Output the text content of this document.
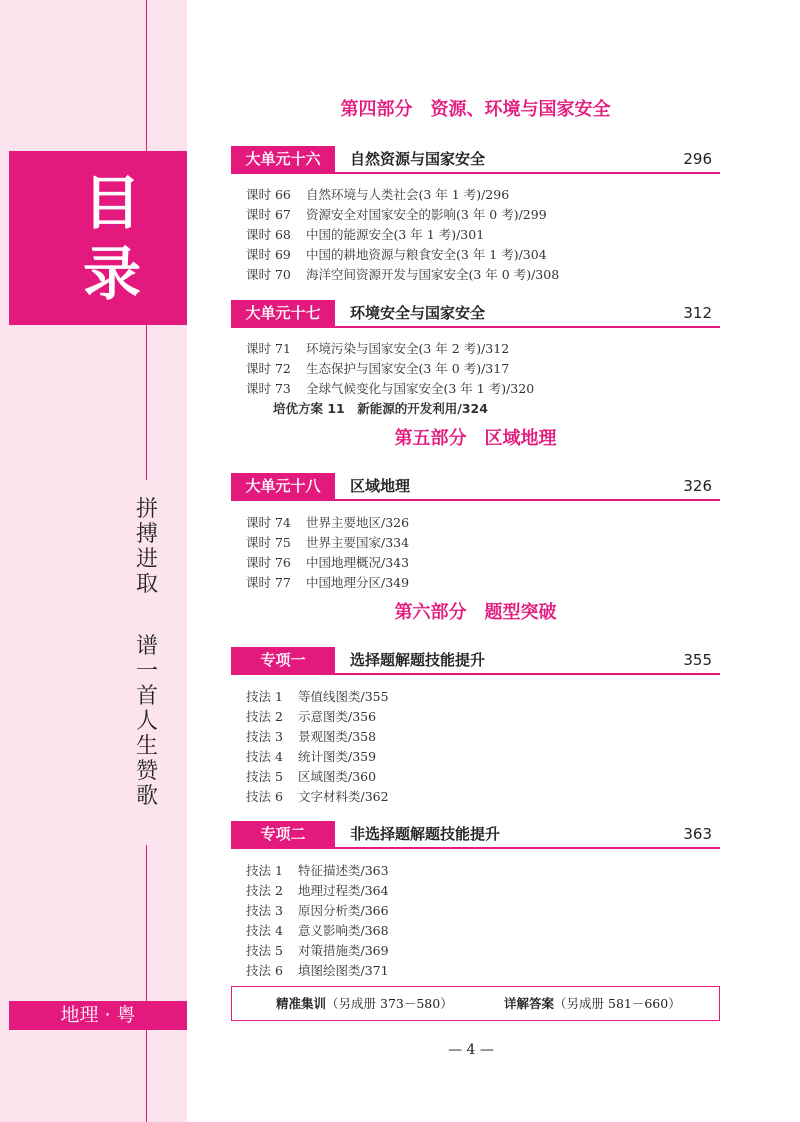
目
录
拼
搏
进
取
谱
一
首
人
生
赞
歌
地理 · 粤
第四部分　资源、环境与国家安全
大单元十六	自然资源与国家安全	296
课时 66 自然环境与人类社会(3 年 1 考)/296
课时 67 资源安全对国家安全的影响(3 年 0 考)/299
课时 68 中国的能源安全(3 年 1 考)/301
课时 69 中国的耕地资源与粮食安全(3 年 1 考)/304
课时 70 海洋空间资源开发与国家安全(3 年 0 考)/308
大单元十七	环境安全与国家安全	312
课时 71 环境污染与国家安全(3 年 2 考)/312
课时 72 生态保护与国家安全(3 年 0 考)/317
课时 73 全球气候变化与国家安全(3 年 1 考)/320
培优方案 11　新能源的开发利用/324
第五部分　区域地理
大单元十八	区域地理	326
课时 74 世界主要地区/326
课时 75 世界主要国家/334
课时 76 中国地理概况/343
课时 77 中国地理分区/349
第六部分　题型突破
专项一	选择题解题技能提升	355
技法 1 等值线图类/355
技法 2 示意图类/356
技法 3 景观图类/358
技法 4 统计图类/359
技法 5 区域图类/360
技法 6 文字材料类/362
专项二	非选择题解题技能提升	363
技法 1 特征描述类/363
技法 2 地理过程类/364
技法 3 原因分析类/366
技法 4 意义影响类/368
技法 5 对策措施类/369
技法 6 填图绘图类/371
精准集训（另成册 373－580）	详解答案（另成册 581－660）
— 4 —
